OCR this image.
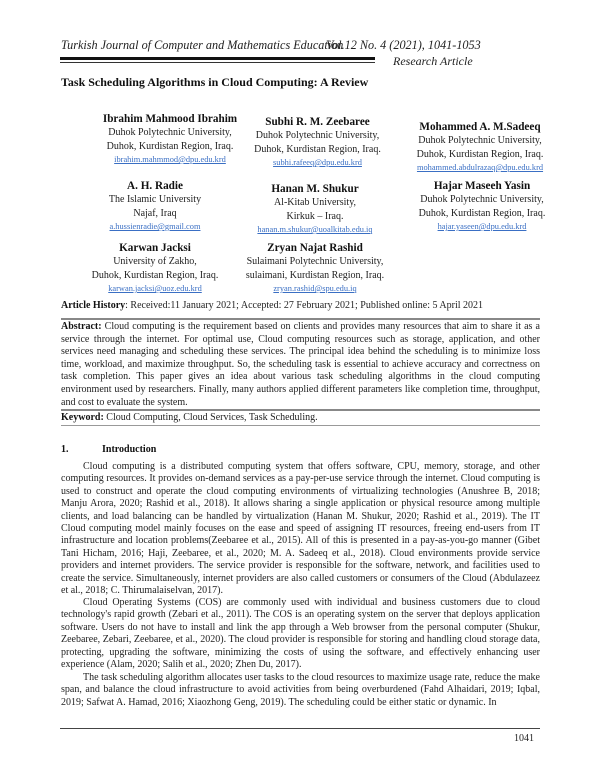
Turkish Journal of Computer and Mathematics Education
Vol.12 No. 4 (2021), 1041-1053
Research Article
Task Scheduling Algorithms in Cloud Computing: A Review
Ibrahim Mahmood Ibrahim
Duhok Polytechnic University,
Duhok, Kurdistan Region, Iraq.
ibrahim.mahmmod@dpu.edu.krd
Subhi R. M. Zeebaree
Duhok Polytechnic University,
Duhok, Kurdistan Region, Iraq.
subhi.rafeeq@dpu.edu.krd
Mohammed A. M.Sadeeq
Duhok Polytechnic University,
Duhok, Kurdistan Region, Iraq.
mohammed.abdulrazaq@dpu.edu.krd
A. H. Radie
The Islamic University
Najaf, Iraq
a.hussienradie@gmail.com
Hanan M. Shukur
Al-Kitab University,
Kirkuk – Iraq.
hanan.m.shukur@uoalkitab.edu.iq
Hajar Maseeh Yasin
Duhok Polytechnic University,
Duhok, Kurdistan Region, Iraq.
hajar.yaseen@dpu.edu.krd
Karwan Jacksi
University of Zakho,
Duhok, Kurdistan Region, Iraq.
karwan.jacksi@uoz.edu.krd
Zryan Najat Rashid
Sulaimani Polytechnic University,
sulaimani, Kurdistan Region, Iraq.
zryan.rashid@spu.edu.iq
Article History: Received:11 January 2021; Accepted: 27 February 2021; Published online: 5 April 2021
Abstract: Cloud computing is the requirement based on clients and provides many resources that aim to share it as a service through the internet. For optimal use, Cloud computing resources such as storage, application, and other services need managing and scheduling these services. The principal idea behind the scheduling is to minimize loss time, workload, and maximize throughput. So, the scheduling task is essential to achieve accuracy and correctness on task completion. This paper gives an idea about various task scheduling algorithms in the cloud computing environment used by researchers. Finally, many authors applied different parameters like completion time, throughput, and cost to evaluate the system.
Keyword: Cloud Computing, Cloud Services, Task Scheduling.
1.	Introduction

Cloud computing is a distributed computing system that offers software, CPU, memory, storage, and other computing resources. It provides on-demand services as a pay-per-use service through the internet. Cloud computing is used to construct and operate the cloud computing environments of virtualizing technologies (Anushree B, 2018; Manju Arora, 2020; Rashid et al., 2018). It allows sharing a single application or physical resource among multiple clients, and load balancing can be handled by virtualization (Hanan M. Shukur, 2020; Rashid et al., 2019). The IT Cloud computing model mainly focuses on the ease and speed of assigning IT resources, freeing end-users from IT infrastructure and location problems(Zeebaree et al., 2015). All of this is presented in a pay-as-you-go manner (Gibet Tani Hicham, 2016; Haji, Zeebaree, et al., 2020; M. A. Sadeeq et al., 2018). Cloud environments provide service providers and internet providers. The service provider is responsible for the software, network, and facilities used to create the service. Simultaneously, internet providers are also called customers or consumers of the Cloud (Abdulazeez et al., 2018; C. Thirumalaiselvan, 2017).

Cloud Operating Systems (COS) are commonly used with individual and business customers due to cloud technology's rapid growth (Zebari et al., 2011). The COS is an operating system on the server that deploys application software. Users do not have to install and link the app through a Web browser from the personal computer (Shukur, Zeebaree, Zebari, Zeebaree, et al., 2020). The cloud provider is responsible for storing and handling cloud storage data, protecting, upgrading the software, minimizing the costs of using the software, and effectively enhancing user experience (Alam, 2020; Salih et al., 2020; Zhen Du, 2017).

The task scheduling algorithm allocates user tasks to the cloud resources to maximize usage rate, reduce the make span, and balance the cloud infrastructure to avoid activities from being overburdened (Fahd Alhaidari, 2019; Iqbal, 2019; Safwat A. Hamad, 2016; Xiaozhong Geng, 2019). The scheduling could be either static or dynamic. In

1041
